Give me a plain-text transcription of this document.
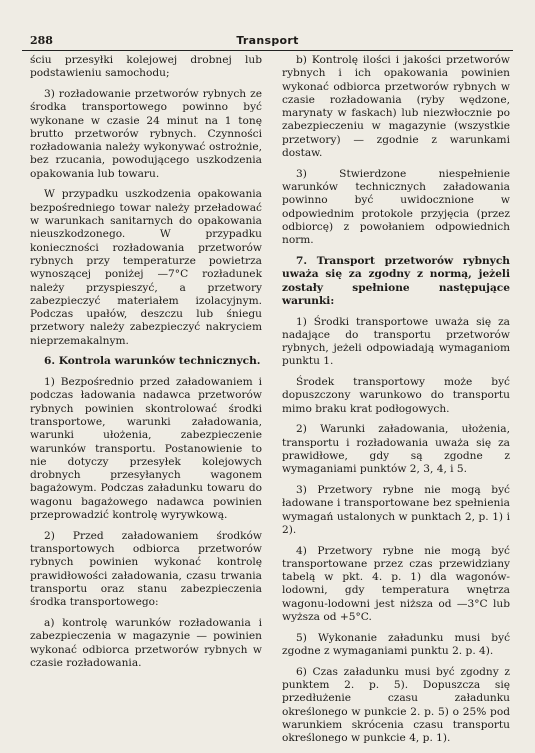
288	Transport

ściu przesyłki kolejowej drobnej lub podstawieniu samochodu;

3) rozładowanie przetworów rybnych ze środka transportowego powinno być wykonane w czasie 24 minut na 1 tonę brutto przetworów rybnych. Czynności rozładowania należy wykonywać ostrożnie, bez rzucania, powodującego uszkodzenia opakowania lub towaru.

W przypadku uszkodzenia opakowania bezpośredniego towar należy przeładować w warunkach sanitarnych do opakowania nieuszkodzonego. W przypadku konieczności rozładowania przetworów rybnych przy temperaturze powietrza wynoszącej poniżej —7°C rozładunek należy przyspieszyć, a przetwory zabezpieczyć materiałem izolacyjnym. Podczas upałów, deszczu lub śniegu przetwory należy zabezpieczyć nakryciem nieprzemakalnym.

6. Kontrola warunków technicznych.

1) Bezpośrednio przed załadowaniem i podczas ładowania nadawca przetworów rybnych powinien skontrolować środki transportowe, warunki załadowania, warunki ułożenia, zabezpieczenie warunków transportu. Postanowienie to nie dotyczy przesyłek kolejowych drobnych przesyłanych wagonem bagażowym. Podczas załadunku towaru do wagonu bagażowego nadawca powinien przeprowadzić kontrolę wyrywkową.

2) Przed załadowaniem środków transportowych odbiorca przetworów rybnych powinien wykonać kontrolę prawidłowości załadowania, czasu trwania transportu oraz stanu zabezpieczenia środka transportowego:

a) kontrolę warunków rozładowania i zabezpieczenia w magazynie — powinien wykonać odbiorca przetworów rybnych w czasie rozładowania.

b) Kontrolę ilości i jakości przetworów rybnych i ich opakowania powinien wykonać odbiorca przetworów rybnych w czasie rozładowania (ryby wędzone, marynaty w faskach) lub niezwłocznie po zabezpieczeniu w magazynie (wszystkie przetwory) — zgodnie z warunkami dostaw.

3) Stwierdzone niespełnienie warunków technicznych załadowania powinno być uwidocznione w odpowiednim protokole przyjęcia (przez odbiorcę) z powołaniem odpowiednich norm.

7. Transport przetworów rybnych uważa się za zgodny z normą, jeżeli zostały spełnione następujące warunki:

1) Środki transportowe uważa się za nadające do transportu przetworów rybnych, jeżeli odpowiadają wymaganiom punktu 1.

Środek transportowy może być dopuszczony warunkowo do transportu mimo braku krat podłogowych.

2) Warunki załadowania, ułożenia, transportu i rozładowania uważa się za prawidłowe, gdy są zgodne z wymaganiami punktów 2, 3, 4, i 5.

3) Przetwory rybne nie mogą być ładowane i transportowane bez spełnienia wymagań ustalonych w punktach 2, p. 1) i 2).

4) Przetwory rybne nie mogą być transportowane przez czas przewidziany tabelą w pkt. 4. p. 1) dla wagonów-lodowni, gdy temperatura wnętrza wagonu-lodowni jest niższa od —3°C lub wyższa od +5°C.

5) Wykonanie załadunku musi być zgodne z wymaganiami punktu 2. p. 4).

6) Czas załadunku musi być zgodny z punktem 2. p. 5). Dopuszcza się przedłużenie czasu załadunku określonego w punkcie 2. p. 5) o 25% pod warunkiem skrócenia czasu transportu określonego w punkcie 4, p. 1).
